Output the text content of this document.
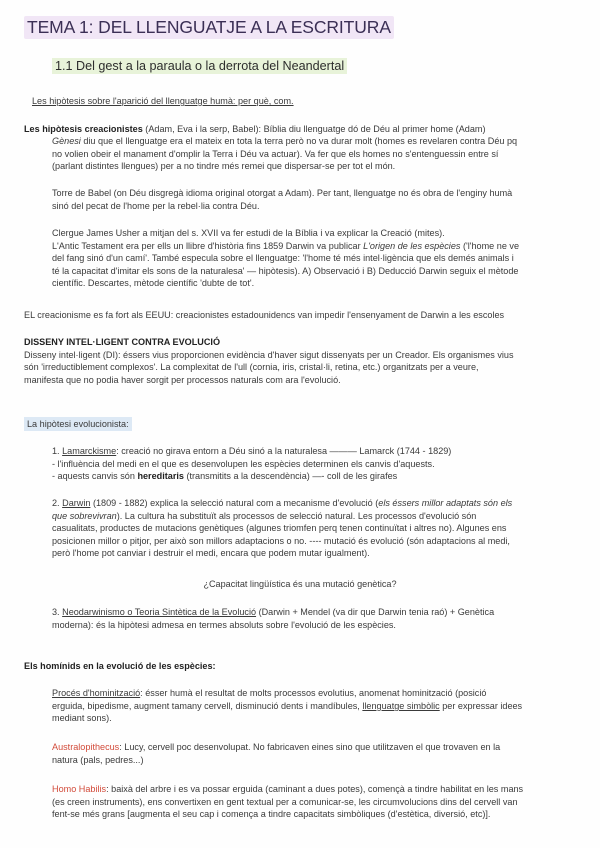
TEMA 1: DEL LLENGUATJE A LA ESCRITURA
1.1 Del gest a la paraula o la derrota del Neandertal

Les hipòtesis sobre l'aparició del llenguatge humà: per què, com.

Les hipòtesis creacionistes (Adam, Eva i la serp, Babel): Bíblia diu llenguatge dó de Déu al primer home (Adam)

Gènesi diu que el llenguatge era el mateix en tota la terra però no va durar molt (homes es revelaren contra Déu pq

no volien obeir el manament d'omplir la Terra i Déu va actuar). Va fer que els homes no s'entenguessin entre sí

(parlant distintes llengues) per a no tindre més remei que dispersar-se per tot el món.

Torre de Babel (on Déu disgregà idioma original otorgat a Adam). Per tant, llenguatge no és obra de l'enginy humà

sinó del pecat de l'home per la rebel·lia contra Déu.

Clergue James Usher a mitjan del s. XVII va fer estudi de la Bíblia i va explicar la Creació (mites).

L'Antic Testament era per ells un llibre d'història fins 1859 Darwin va publicar L'origen de les espècies ('l'home ne ve

del fang sinó d'un camí'. També especula sobre el llenguatge: 'l'home té més intel·ligència que els demés animals i

té la capacitat d'imitar els sons de la naturalesa' — hipòtesis). A) Observació i B) Deducció Darwin seguix el mètode

científic. Descartes, mètode científic 'dubte de tot'.

EL creacionisme es fa fort als EEUU: creacionistes estadounidencs van impedir l'ensenyament de Darwin a les escoles

DISSENY INTEL·LIGENT CONTRA EVOLUCIÓ

Disseny intel·ligent (DI): éssers vius proporcionen evidència d'haver sigut dissenyats per un Creador. Els organismes vius

són 'irreductiblement complexos'. La complexitat de l'ull (cornia, iris, cristal·li, retina, etc.) organitzats per a veure,

manifesta que no podia haver sorgit per processos naturals com ara l'evolució.

La hipòtesi evolucionista:

1. Lamarckisme: creació no girava entorn a Déu sinó a la naturalesa ——— Lamarck (1744 - 1829)

- l'influència del medi en el que es desenvolupen les espècies determinen els canvis d'aquests.

- aquests canvis són hereditaris (transmitits a la descendència) —- coll de les girafes

2. Darwin (1809 - 1882) explica la selecció natural com a mecanisme d'evolució (els éssers millor adaptats són els

que sobrevivran). La cultura ha substituït als processos de selecció natural. Les processos d'evolució són

casualitats, productes de mutacions genètiques (algunes triomfen perq tenen continuïtat i altres no). Algunes ens

posicionen millor o pitjor, per això son millors adaptacions o no. ---- mutació és evolució (són adaptacions al medi,

però l'home pot canviar i destruir el medi, encara que podem mutar igualment).

¿Capacitat lingüística és una mutació genètica?

3. Neodarwinismo o Teoria Sintètica de la Evolució (Darwin + Mendel (va dir que Darwin tenia raó) + Genètica

moderna): és la hipòtesi admesa en termes absoluts sobre l'evolució de les espècies.

Els homínids en la evolució de les espècies:

Procés d'hominització: ésser humà el resultat de molts processos evolutius, anomenat hominització (posició

erguida, bipedisme, augment tamany cervell, disminució dents i mandíbules, llenguatge simbòlic per expressar idees

mediant sons).

Australopithecus: Lucy, cervell poc desenvolupat. No fabricaven eines sino que utilitzaven el que trovaven en la

natura (pals, pedres...)

Homo Habilis: baixà del arbre i es va possar erguida (caminant a dues potes), començà a tindre habilitat en les mans

(es creen instruments), ens convertixen en gent textual per a comunicar-se, les circumvolucions dins del cervell van

fent-se més grans [augmenta el seu cap i comença a tindre capacitats simbòliques (d'estètica, diversió, etc)].
